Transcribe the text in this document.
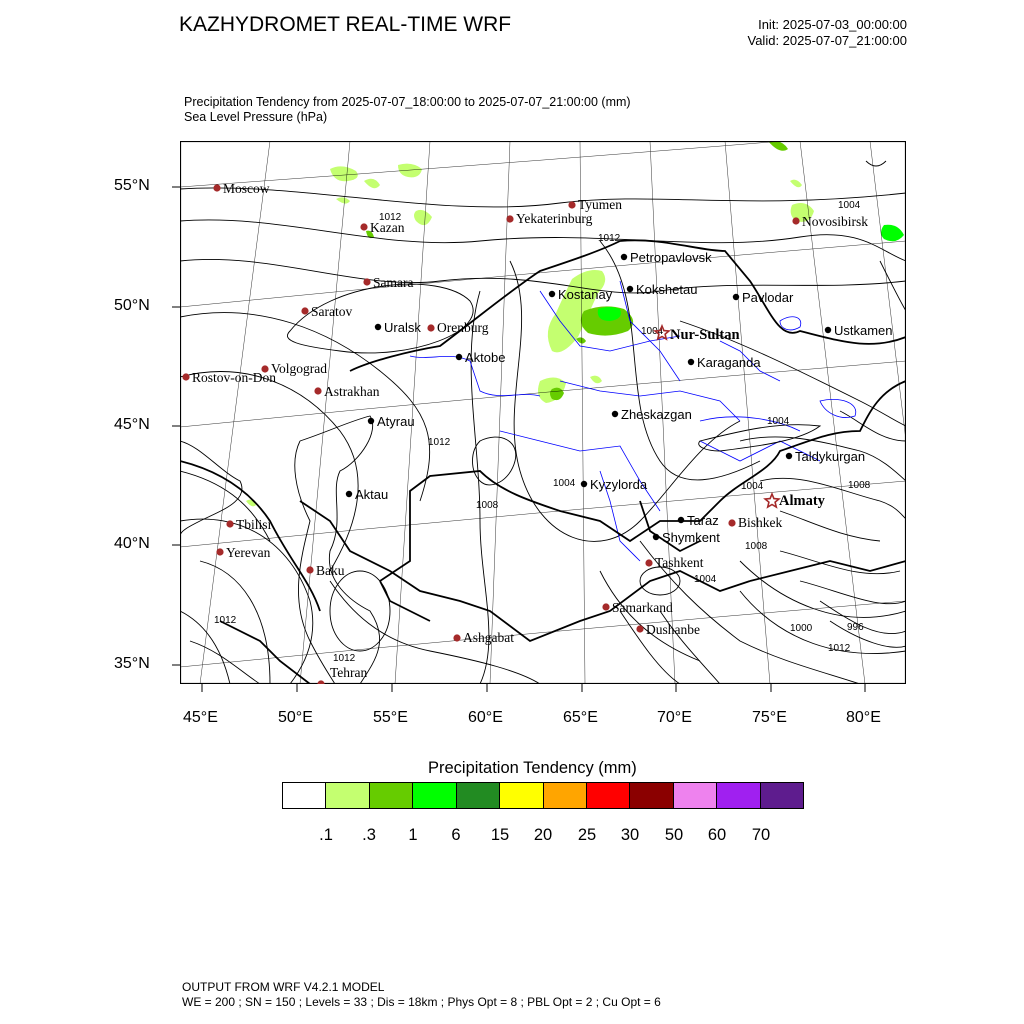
KAZHYDROMET REAL-TIME WRF	Init: 2025-07-03_00:00:00
Valid: 2025-07-07_21:00:00
Precipitation Tendency from 2025-07-07_18:00:00 to 2025-07-07_21:00:00 (mm)
Sea Level Pressure (hPa)
1012
1012
1004
1004
1012
1008
1004
1004
1008
1008
1004
1000	996
1012
1012
1012
1004
Moscow
Kazan
Samara
Saratov
Volgograd
Rostov-on-Don
Astrakhan
Tyumen
Yekaterinburg
Orenburg
Bishkek
Tashkent
Samarkand
Dushanbe
Ashgabat
Tbilisi
Yerevan
Baku
Tehran
Novosibirsk
Nur-Sultan
Almaty
Uralsk
Aktobe
Atyrau
Aktau
Kostanay Kokshetau
Petropavlovsk
Pavlodar
Karaganda
Ustkamen
Zheskazgan
Kyzylorda
Taldykurgan
Taraz
Shymkent
55°N
50°N
45°N
40°N
35°N
45°E	50°E	55°E	60°E	65°E	70°E	75°E	80°E
Precipitation Tendency (mm)
.1 .3 1 6 15 20 25 30 50 60 70
OUTPUT FROM WRF V4.2.1 MODEL
WE = 200 ; SN = 150 ; Levels = 33 ; Dis = 18km ; Phys Opt = 8 ; PBL Opt = 2 ; Cu Opt = 6
